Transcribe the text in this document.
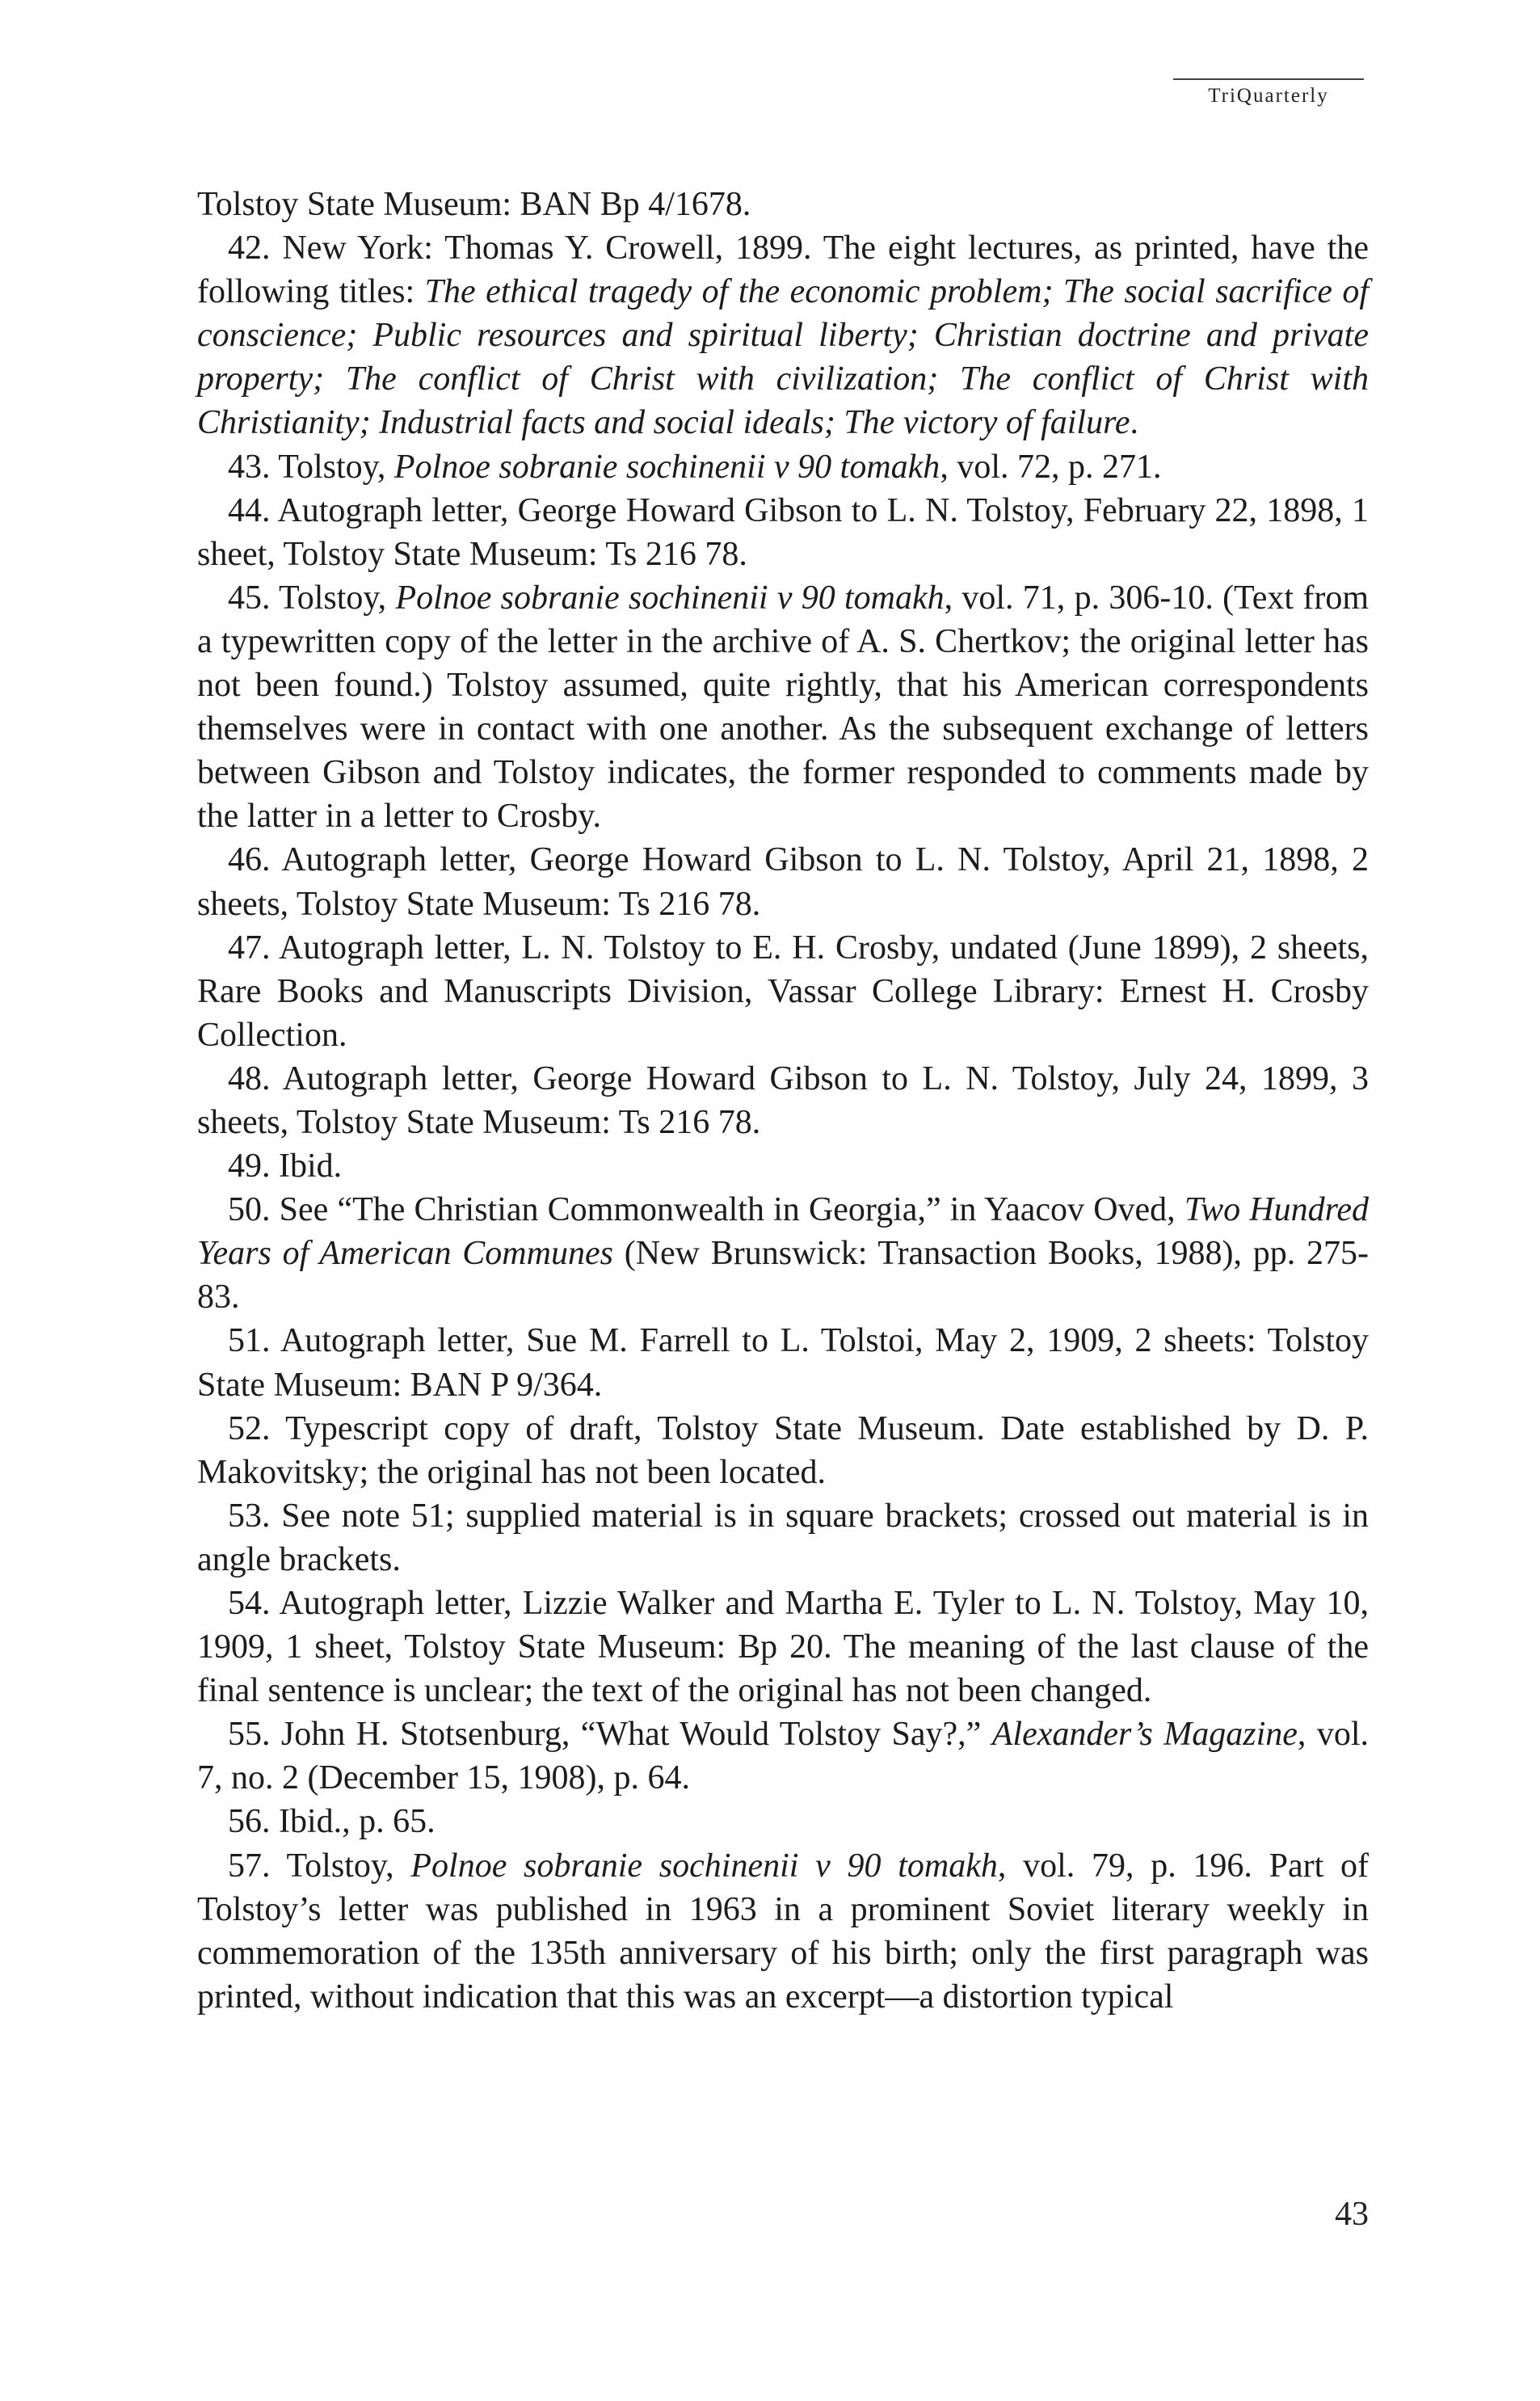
TriQuarterly

Tolstoy State Museum: BAN Bp 4/1678.

42. New York: Thomas Y. Crowell, 1899. The eight lectures, as printed, have the following titles: The ethical tragedy of the economic problem; The social sacrifice of conscience; Public resources and spiritual liberty; Christian doctrine and private property; The conflict of Christ with civilization; The conflict of Christ with Christianity; Industrial facts and social ideals; The victory of failure.

43. Tolstoy, Polnoe sobranie sochinenii v 90 tomakh, vol. 72, p. 271.

44. Autograph letter, George Howard Gibson to L. N. Tolstoy, February 22, 1898, 1 sheet, Tolstoy State Museum: Ts 216 78.

45. Tolstoy, Polnoe sobranie sochinenii v 90 tomakh, vol. 71, p. 306-10. (Text from a typewritten copy of the letter in the archive of A. S. Chertkov; the original letter has not been found.) Tolstoy assumed, quite rightly, that his American correspondents themselves were in contact with one another. As the subsequent exchange of letters between Gibson and Tolstoy indicates, the former responded to comments made by the latter in a letter to Crosby.

46. Autograph letter, George Howard Gibson to L. N. Tolstoy, April 21, 1898, 2 sheets, Tolstoy State Museum: Ts 216 78.

47. Autograph letter, L. N. Tolstoy to E. H. Crosby, undated (June 1899), 2 sheets, Rare Books and Manuscripts Division, Vassar College Library: Ernest H. Crosby Collection.

48. Autograph letter, George Howard Gibson to L. N. Tolstoy, July 24, 1899, 3 sheets, Tolstoy State Museum: Ts 216 78.

49. Ibid.

50. See “The Christian Commonwealth in Georgia,” in Yaacov Oved, Two Hundred Years of American Communes (New Brunswick: Transaction Books, 1988), pp. 275-83.

51. Autograph letter, Sue M. Farrell to L. Tolstoi, May 2, 1909, 2 sheets: Tolstoy State Museum: BAN P 9/364.

52. Typescript copy of draft, Tolstoy State Museum. Date established by D. P. Makovitsky; the original has not been located.

53. See note 51; supplied material is in square brackets; crossed out material is in angle brackets.

54. Autograph letter, Lizzie Walker and Martha E. Tyler to L. N. Tolstoy, May 10, 1909, 1 sheet, Tolstoy State Museum: Bp 20. The meaning of the last clause of the final sentence is unclear; the text of the original has not been changed.

55. John H. Stotsenburg, “What Would Tolstoy Say?,” Alexander’s Magazine, vol. 7, no. 2 (December 15, 1908), p. 64.

56. Ibid., p. 65.

57. Tolstoy, Polnoe sobranie sochinenii v 90 tomakh, vol. 79, p. 196. Part of Tolstoy’s letter was published in 1963 in a prominent Soviet literary weekly in commemoration of the 135th anniversary of his birth; only the first paragraph was printed, without indication that this was an excerpt—a distortion typical

43
